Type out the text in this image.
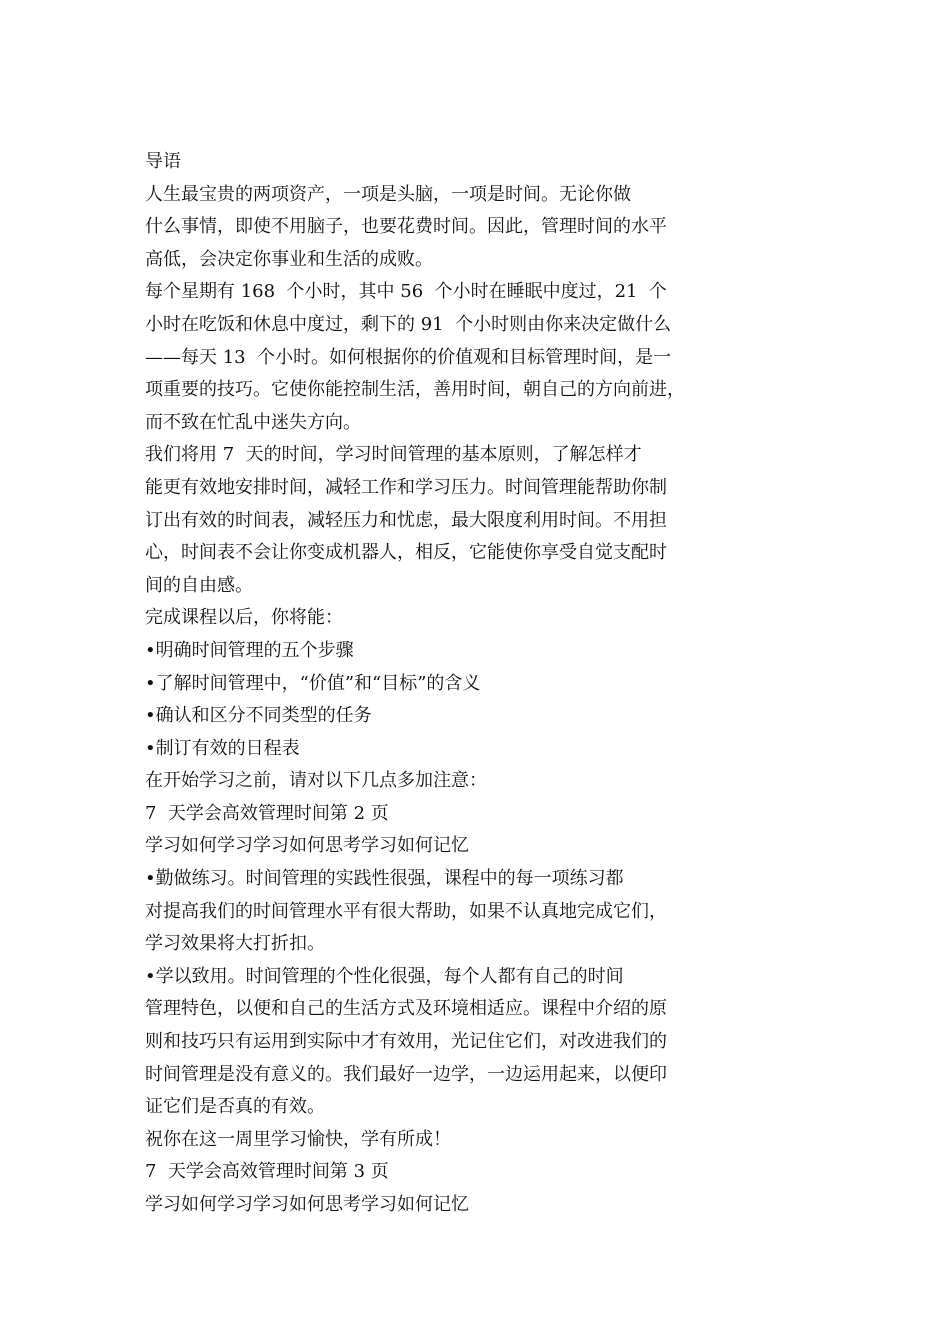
导语
人生最宝贵的两项资产，一项是头脑，一项是时间。无论你做
什么事情，即使不用脑子，也要花费时间。因此，管理时间的水平
高低，会决定你事业和生活的成败。
每个星期有 168  个小时，其中 56  个小时在睡眠中度过，21  个
小时在吃饭和休息中度过，剩下的 91  个小时则由你来决定做什么
——每天 13  个小时。如何根据你的价值观和目标管理时间，是一
项重要的技巧。它使你能控制生活，善用时间，朝自己的方向前进，
而不致在忙乱中迷失方向。
我们将用 7  天的时间，学习时间管理的基本原则，了解怎样才
能更有效地安排时间，减轻工作和学习压力。时间管理能帮助你制
订出有效的时间表，减轻压力和忧虑，最大限度利用时间。不用担
心，时间表不会让你变成机器人，相反，它能使你享受自觉支配时
间的自由感。
完成课程以后，你将能：
•明确时间管理的五个步骤
•了解时间管理中，“价值”和“目标”的含义
•确认和区分不同类型的任务
•制订有效的日程表
在开始学习之前，请对以下几点多加注意：
7  天学会高效管理时间第 2 页
学习如何学习学习如何思考学习如何记忆
•勤做练习。时间管理的实践性很强，课程中的每一项练习都
对提高我们的时间管理水平有很大帮助，如果不认真地完成它们，
学习效果将大打折扣。
•学以致用。时间管理的个性化很强，每个人都有自己的时间
管理特色，以便和自己的生活方式及环境相适应。课程中介绍的原
则和技巧只有运用到实际中才有效用，光记住它们，对改进我们的
时间管理是没有意义的。我们最好一边学，一边运用起来，以便印
证它们是否真的有效。
祝你在这一周里学习愉快，学有所成！
7  天学会高效管理时间第 3 页
学习如何学习学习如何思考学习如何记忆
